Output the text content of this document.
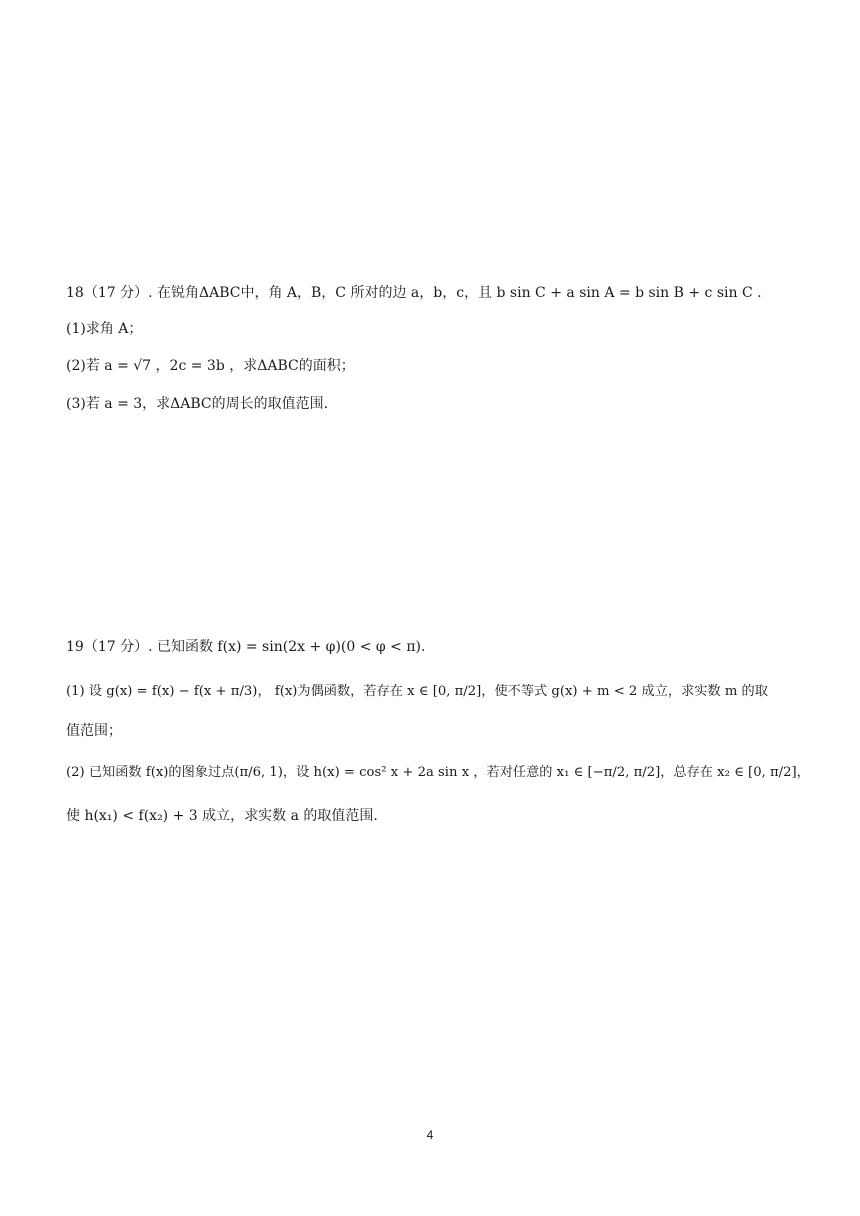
18（17 分）. 在锐角ΔABC中，角 A，B，C 所对的边 a，b，c，且 b sin C + a sin A = b sin B + c sin C .
(1)求角 A；
(2)若 a = √7 ，2c = 3b ，求ΔABC的面积；
(3)若 a = 3，求ΔABC的周长的取值范围.
19（17 分）. 已知函数 f(x) = sin(2x + φ)(0 < φ < π).
(1) 设 g(x) = f(x) − f(x + π/3)， f(x)为偶函数，若存在 x ∈ [0, π/2]，使不等式 g(x) + m < 2 成立，求实数 m 的取
值范围；
(2) 已知函数 f(x)的图象过点(π/6, 1)，设 h(x) = cos² x + 2a sin x ，若对任意的 x₁ ∈ [−π/2, π/2]，总存在 x₂ ∈ [0, π/2]，
使 h(x₁) < f(x₂) + 3 成立，求实数 a 的取值范围.
4
